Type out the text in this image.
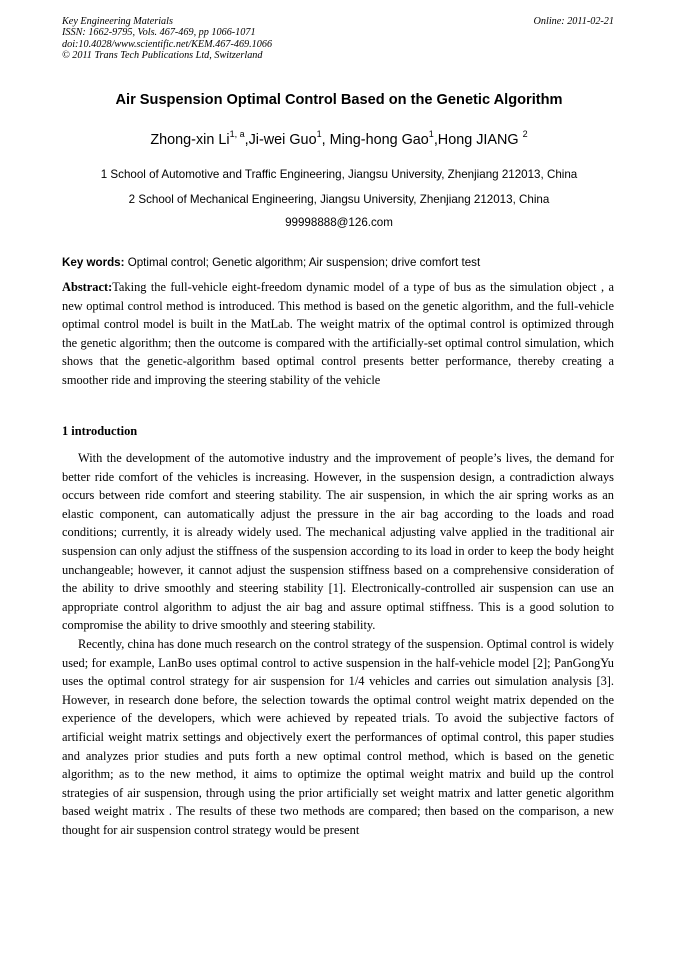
Key Engineering Materials
ISSN: 1662-9795, Vols. 467-469, pp 1066-1071
doi:10.4028/www.scientific.net/KEM.467-469.1066
© 2011 Trans Tech Publications Ltd, Switzerland
Online: 2011-02-21
Air Suspension Optimal Control Based on the Genetic Algorithm
Zhong-xin Li$^{1, a}$,Ji-wei Guo$^1$, Ming-hong Gao$^1$,Hong JIANG $^2$
1 School of Automotive and Traffic Engineering, Jiangsu University, Zhenjiang 212013, China
2 School of Mechanical Engineering, Jiangsu University, Zhenjiang 212013, China
99998888@126.com
Key words: Optimal control; Genetic algorithm; Air suspension; drive comfort test
Abstract:Taking the full-vehicle eight-freedom dynamic model of a type of bus as the simulation object , a new optimal control method is introduced. This method is based on the genetic algorithm, and the full-vehicle optimal control model is built in the MatLab. The weight matrix of the optimal control is optimized through the genetic algorithm; then the outcome is compared with the artificially-set optimal control simulation, which shows that the genetic-algorithm based optimal control presents better performance, thereby creating a smoother ride and improving the steering stability of the vehicle
1 introduction

With the development of the automotive industry and the improvement of people’s lives, the demand for better ride comfort of the vehicles is increasing. However, in the suspension design, a contradiction always occurs between ride comfort and steering stability. The air suspension, in which the air spring works as an elastic component, can automatically adjust the pressure in the air bag according to the loads and road conditions; currently, it is already widely used. The mechanical adjusting valve applied in the traditional air suspension can only adjust the stiffness of the suspension according to its load in order to keep the body height unchangeable; however, it cannot adjust the suspension stiffness based on a comprehensive consideration of the ability to drive smoothly and steering stability [1]. Electronically-controlled air suspension can use an appropriate control algorithm to adjust the air bag and assure optimal stiffness. This is a good solution to compromise the ability to drive smoothly and steering stability.

Recently, china has done much research on the control strategy of the suspension. Optimal control is widely used; for example, LanBo uses optimal control to active suspension in the half-vehicle model [2]; PanGongYu uses the optimal control strategy for air suspension for 1/4 vehicles and carries out simulation analysis [3]. However, in research done before, the selection towards the optimal control weight matrix depended on the experience of the developers, which were achieved by repeated trials. To avoid the subjective factors of artificial weight matrix settings and objectively exert the performances of optimal control, this paper studies and analyzes prior studies and puts forth a new optimal control method, which is based on the genetic algorithm; as to the new method, it aims to optimize the optimal weight matrix and build up the control strategies of air suspension, through using the prior artificially set weight matrix and latter genetic algorithm based weight matrix . The results of these two methods are compared; then based on the comparison, a new thought for air suspension control strategy would be present
